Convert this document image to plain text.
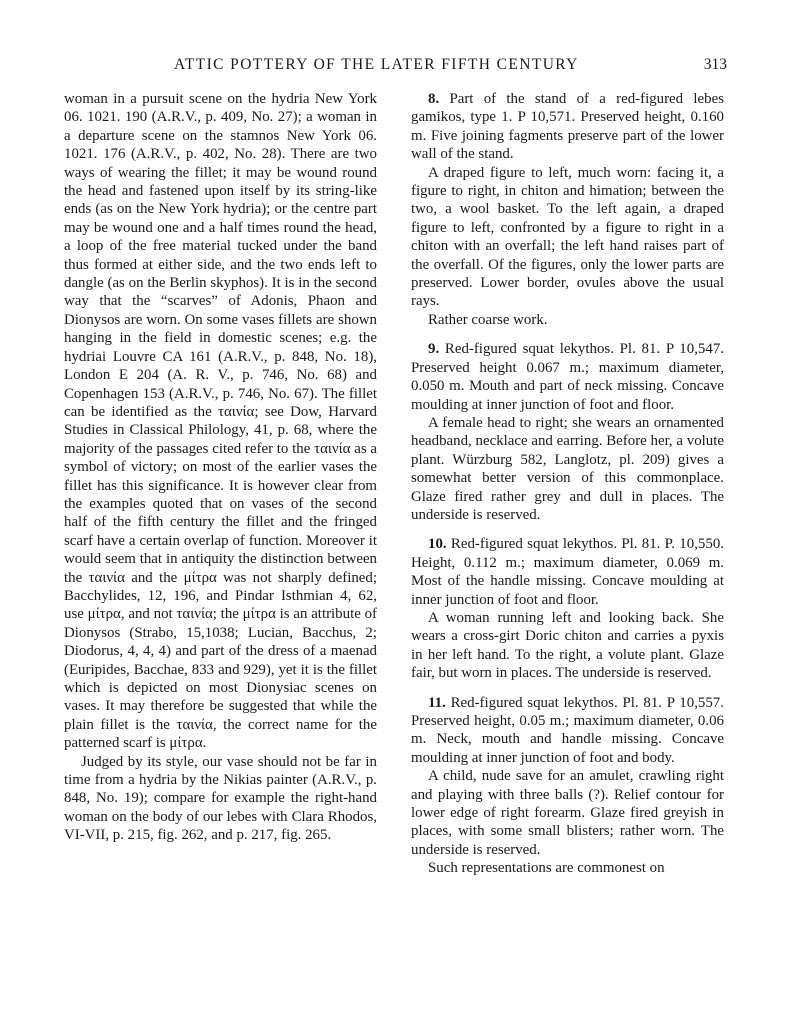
ATTIC POTTERY OF THE LATER FIFTH CENTURY	313

woman in a pursuit scene on the hydria New York 06. 1021. 190 (A.R.V., p. 409, No. 27); a woman in a departure scene on the stamnos New York 06. 1021. 176 (A.R.V., p. 402, No. 28). There are two ways of wearing the fillet; it may be wound round the head and fastened upon itself by its string-like ends (as on the New York hydria); or the centre part may be wound one and a half times round the head, a loop of the free material tucked under the band thus formed at either side, and the two ends left to dangle (as on the Berlin skyphos). It is in the second way that the “scarves” of Adonis, Phaon and Dionysos are worn. On some vases fillets are shown hanging in the field in domestic scenes; e.g. the hydriai Louvre CA 161 (A.R.V., p. 848, No. 18), London E 204 (A. R. V., p. 746, No. 68) and Copenhagen 153 (A.R.V., p. 746, No. 67). The fillet can be identified as the ταινία; see Dow, Harvard Studies in Classical Philology, 41, p. 68, where the majority of the passages cited refer to the ταινία as a symbol of victory; on most of the earlier vases the fillet has this significance. It is however clear from the examples quoted that on vases of the second half of the fifth century the fillet and the fringed scarf have a certain overlap of function. Moreover it would seem that in antiquity the distinction between the ταινία and the μίτρα was not sharply defined; Bacchylides, 12, 196, and Pindar Isthmian 4, 62, use μίτρα, and not ταινία; the μίτρα is an attribute of Dionysos (Strabo, 15,1038; Lucian, Bacchus, 2; Diodorus, 4, 4, 4) and part of the dress of a maenad (Euripides, Bacchae, 833 and 929), yet it is the fillet which is depicted on most Dionysiac scenes on vases. It may therefore be suggested that while the plain fillet is the ταινία, the correct name for the patterned scarf is μίτρα.

Judged by its style, our vase should not be far in time from a hydria by the Nikias painter (A.R.V., p. 848, No. 19); compare for example the right-hand woman on the body of our lebes with Clara Rhodos, VI-VII, p. 215, fig. 262, and p. 217, fig. 265.

8. Part of the stand of a red-figured lebes gamikos, type 1. P 10,571. Preserved height, 0.160 m. Five joining fagments preserve part of the lower wall of the stand.

A draped figure to left, much worn: facing it, a figure to right, in chiton and himation; between the two, a wool basket. To the left again, a draped figure to left, confronted by a figure to right in a chiton with an overfall; the left hand raises part of the overfall. Of the figures, only the lower parts are preserved. Lower border, ovules above the usual rays.

Rather coarse work.

9. Red-figured squat lekythos. Pl. 81. P 10,547. Preserved height 0.067 m.; maximum diameter, 0.050 m. Mouth and part of neck missing. Concave moulding at inner junction of foot and floor.

A female head to right; she wears an ornamented headband, necklace and earring. Before her, a volute plant. Würzburg 582, Langlotz, pl. 209) gives a somewhat better version of this commonplace. Glaze fired rather grey and dull in places. The underside is reserved.

10. Red-figured squat lekythos. Pl. 81. P. 10,550. Height, 0.112 m.; maximum diameter, 0.069 m. Most of the handle missing. Concave moulding at inner junction of foot and floor.

A woman running left and looking back. She wears a cross-girt Doric chiton and carries a pyxis in her left hand. To the right, a volute plant. Glaze fair, but worn in places. The underside is reserved.

11. Red-figured squat lekythos. Pl. 81. P 10,557. Preserved height, 0.05 m.; maximum diameter, 0.06 m. Neck, mouth and handle missing. Concave moulding at inner junction of foot and body.

A child, nude save for an amulet, crawling right and playing with three balls (?). Relief contour for lower edge of right forearm. Glaze fired greyish in places, with some small blisters; rather worn. The underside is reserved.

Such representations are commonest on
